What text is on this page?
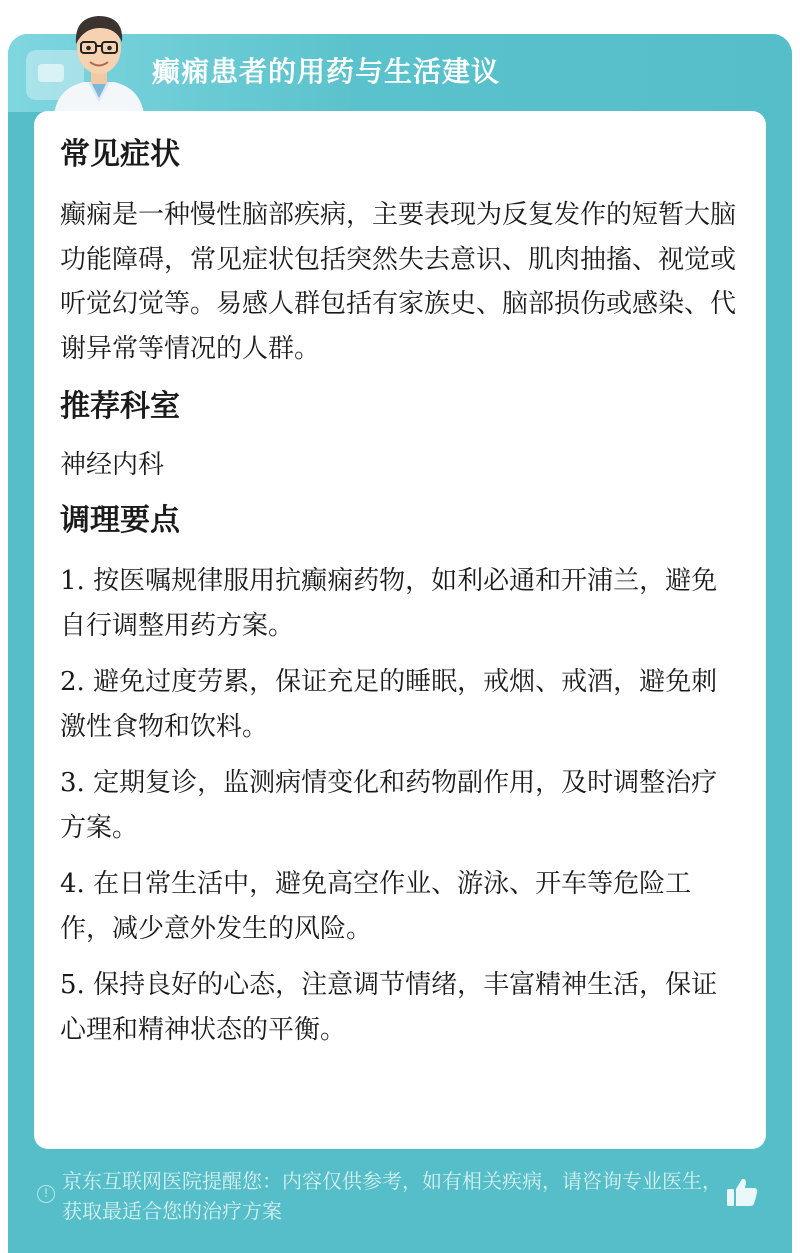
癫痫患者的用药与生活建议
常见症状

癫痫是一种慢性脑部疾病，主要表现为反复发作的短暂大脑功能障碍，常见症状包括突然失去意识、肌肉抽搐、视觉或听觉幻觉等。易感人群包括有家族史、脑部损伤或感染、代谢异常等情况的人群。

推荐科室

神经内科

调理要点

1. 按医嘱规律服用抗癫痫药物，如利必通和开浦兰，避免自行调整用药方案。

2. 避免过度劳累，保证充足的睡眠，戒烟、戒酒，避免刺激性食物和饮料。

3. 定期复诊，监测病情变化和药物副作用，及时调整治疗方案。

4. 在日常生活中，避免高空作业、游泳、开车等危险工作，减少意外发生的风险。

5. 保持良好的心态，注意调节情绪，丰富精神生活，保证心理和精神状态的平衡。

! 京东互联网医院提醒您：内容仅供参考，如有相关疾病，请咨询专业医生，获取最适合您的治疗方案
